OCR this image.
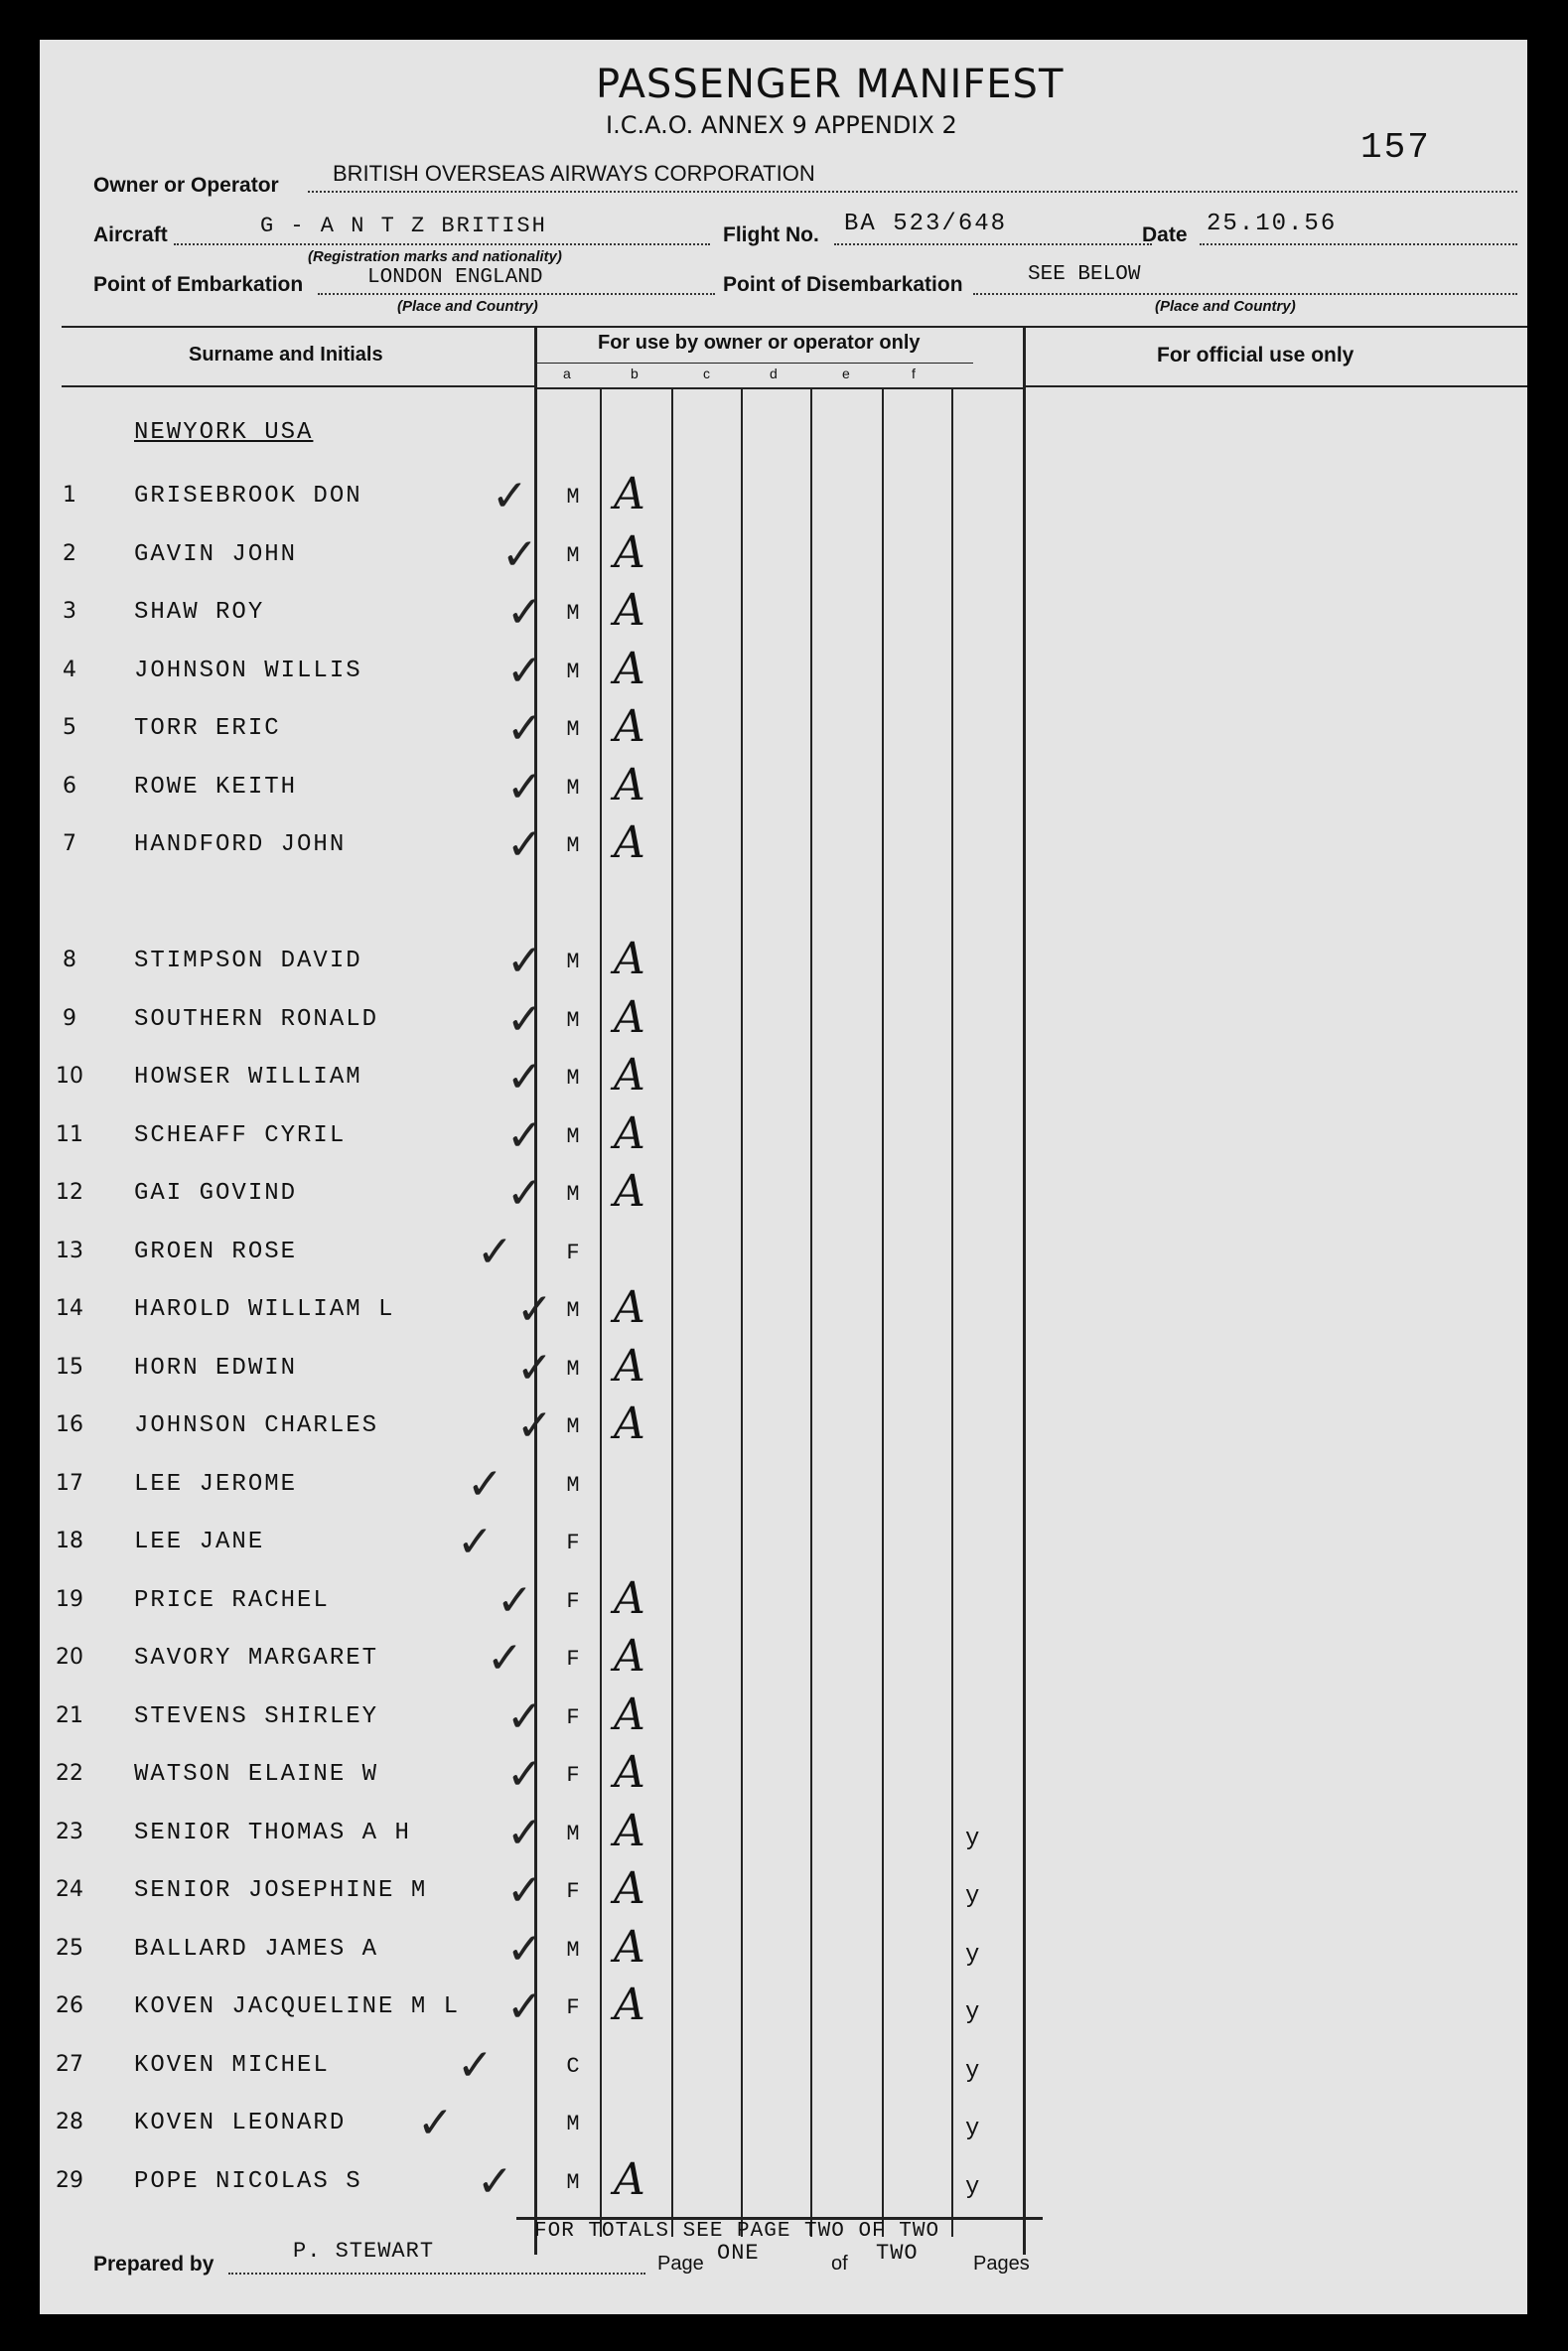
PASSENGER MANIFEST
I.C.A.O. ANNEX 9 APPENDIX 2
157
Owner or Operator BRITISH OVERSEAS AIRWAYS CORPORATION
Aircraft	G - A N T Z BRITISH
(Registration marks and nationality)
Flight No. BA 523/648	Date 25.10.56
Point of Embarkation	LONDON ENGLAND
(Place and Country)
Point of Disembarkation	SEE BELOW
(Place and Country)
Surname and Initials
For use by owner or operator only
For official use only
a	b	c	d	e	f
NEWYORK USA
1	GRISEBROOK DON	✓	M A
2	GAVIN JOHN	✓	M A
3	SHAW ROY	✓	M A
4	JOHNSON WILLIS	✓	M A
5	TORR ERIC	✓	M A
6	ROWE KEITH	✓	M A
7	HANDFORD JOHN	✓	M A
8	STIMPSON DAVID	✓	M A
9	SOUTHERN RONALD	✓	M A
10	HOWSER WILLIAM	✓	M A
11	SCHEAFF CYRIL	✓	M A
12	GAI GOVIND	✓	M A
13	GROEN ROSE	✓	F
14	HAROLD WILLIAM L	✓ M A
15	HORN EDWIN	✓ M A
16	JOHNSON CHARLES	✓ M A
17	LEE JEROME	✓	M
18	LEE JANE	✓	F
19	PRICE RACHEL	✓	F A
20	SAVORY MARGARET ✓	F A
21	STEVENS SHIRLEY	✓	F A
22	WATSON ELAINE W	✓	F A
23	SENIOR THOMAS A H ✓	M A	y
24	SENIOR JOSEPHINE M ✓	F A	y
25	BALLARD JAMES A	✓	M A	y
26	KOVEN JACQUELINE M L ✓	F A	y
27	KOVEN MICHEL	✓	C	y
28	KOVEN LEONARD ✓	M	y
29	POPE NICOLAS S	✓	M A	y
FOR TOTALS SEE PAGE TWO OF TWO
Prepared by
P. STEWART	Page ONE	of TWO	Pages
